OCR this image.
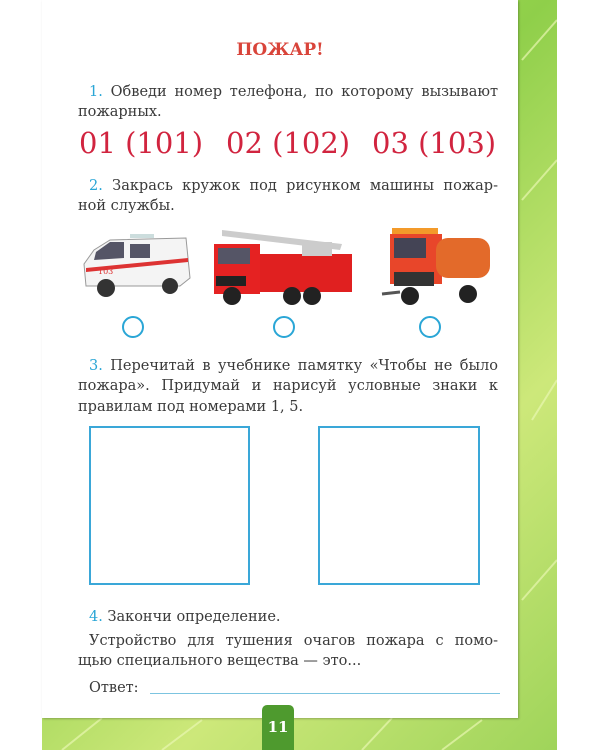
ПОЖАР!
1. Обведи номер телефона, по которому вызывают
пожарных.
01 (101) 02 (102) 03 (103)
2. Закрась кружок под рисунком машины пожар-
ной службы.
103
3. Перечитай в учебнике памятку «Чтобы не было
пожара». Придумай и нарисуй условные знаки к
правилам под номерами 1, 5.
4. Закончи определение.
Устройство для тушения очагов пожара с помо-
щью специального вещества — это...
Ответ:
11
